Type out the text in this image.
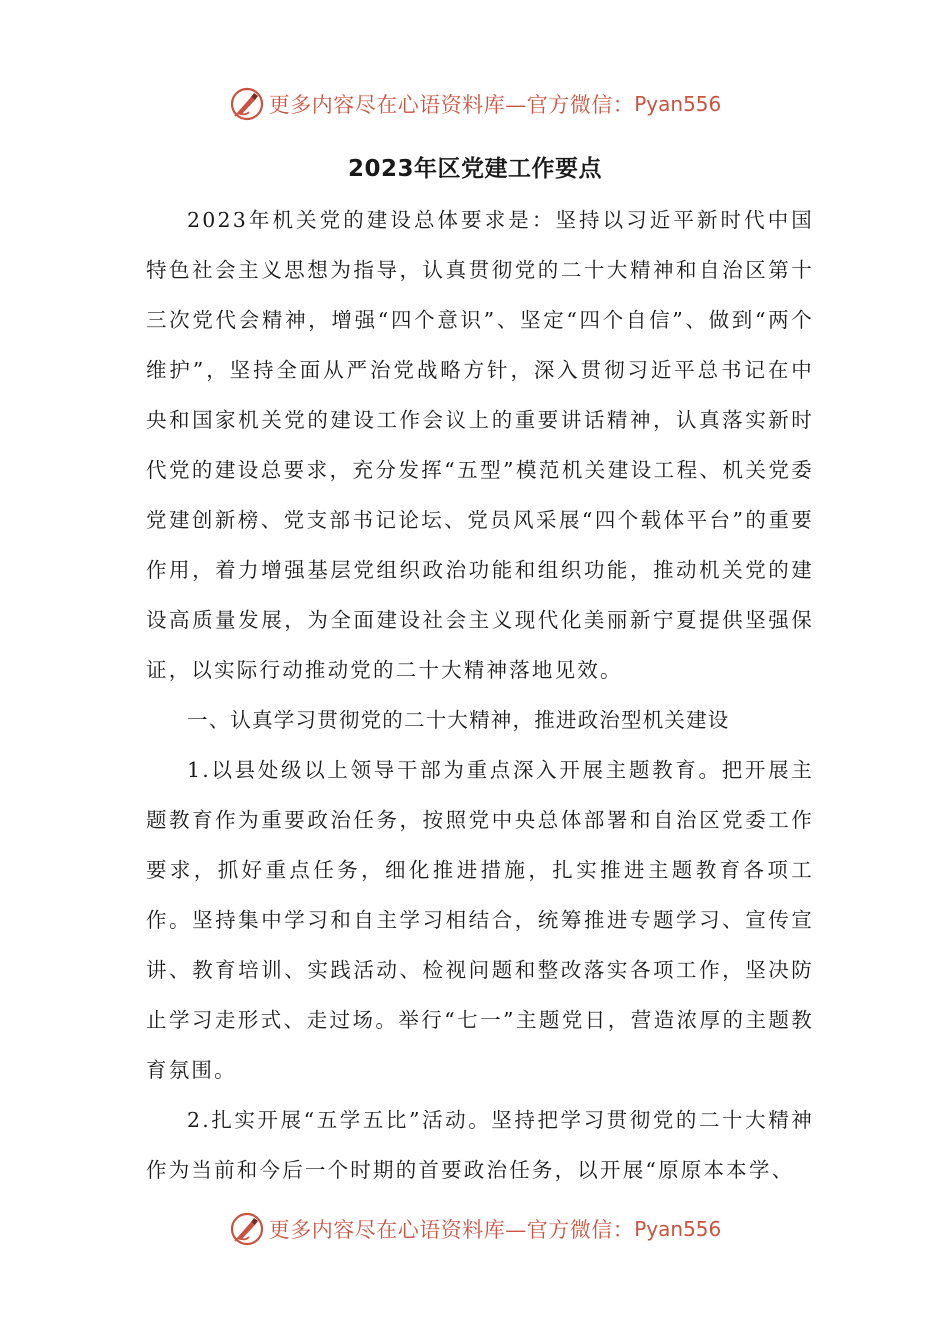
更多内容尽在心语资料库—官方微信： Pyan556
2023年区党建工作要点

2023年机关党的建设总体要求是：坚持以习近平新时代中国特色社会主义思想为指导，认真贯彻党的二十大精神和自治区第十三次党代会精神，增强“四个意识”、坚定“四个自信”、做到“两个维护”，坚持全面从严治党战略方针，深入贯彻习近平总书记在中央和国家机关党的建设工作会议上的重要讲话精神，认真落实新时代党的建设总要求，充分发挥“五型”模范机关建设工程、机关党委党建创新榜、党支部书记论坛、党员风采展“四个载体平台”的重要作用，着力增强基层党组织政治功能和组织功能，推动机关党的建设高质量发展，为全面建设社会主义现代化美丽新宁夏提供坚强保证，以实际行动推动党的二十大精神落地见效。

一、认真学习贯彻党的二十大精神，推进政治型机关建设

1.以县处级以上领导干部为重点深入开展主题教育。把开展主题教育作为重要政治任务，按照党中央总体部署和自治区党委工作要求，抓好重点任务，细化推进措施，扎实推进主题教育各项工作。坚持集中学习和自主学习相结合，统筹推进专题学习、宣传宣讲、教育培训、实践活动、检视问题和整改落实各项工作，坚决防止学习走形式、走过场。举行“七一”主题党日，营造浓厚的主题教育氛围。

2.扎实开展“五学五比”活动。坚持把学习贯彻党的二十大精神作为当前和今后一个时期的首要政治任务，以开展“原原本本学、

更多内容尽在心语资料库—官方微信： Pyan556
